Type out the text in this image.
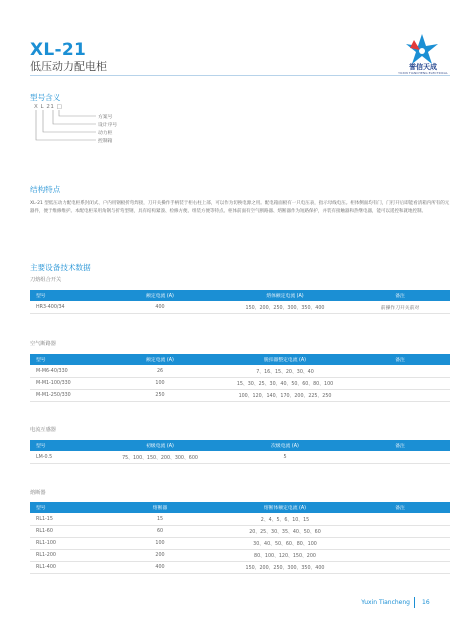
XL-21
低压动力配电柜	誉信天成
YUXIN TIANCHENG ELECTRICAL
型号含义
X L 21 □
方案号
设计序号
动力柜
控制箱
结构特点
XL-21 型低压动力配电柜系封闭式、户内用钢板折弯焊接，刀开关操作手柄装于柜右柱上部，可以作为切换电源之用。配电箱面板有一只电压表，指示母线电压。柜体侧面均有门，门打开后即能看清箱内所有的元器件，便于维修维护。本配电柜采用角钢与折弯型钢，具有结构紧凑、检修方便、组装方便等特点。柜体前面有空气断路器、熔断器作为短路保护，并装有接触器和热继电器，能可以遥控和就地控制。
主要设备技术数据
刀熔组合开关
型号	额定电流 (A)	熔体额定电流 (A)	备注
HR3-400/34	400	150、200、250、300、350、400	前操作刀开关前对
空气断路器
型号	额定电流 (A)	脱扣器整定电流 (A)	备注
M-M6-40/330	26	7、16、15、20、30、40
M-M1-100/330	100	15、30、25、30、40、50、60、80、100
M-M1-250/330	250	100、120、140、170、200、225、250
电流互感器
型号	初级电流 (A)	次级电流 (A)	备注
LM-0.5	75、100、150、200、300、600	5
熔断器
型号	熔断器	熔断体额定电流 (A)	备注
RL1-15	15	2、4、5、6、10、15
RL1-60	60	20、25、30、35、40、50、60
RL1-100	100	30、40、50、60、80、100
RL1-200	200	80、100、120、150、200
RL1-400	400	150、200、250、300、350、400
Yuxin Tiancheng 16
